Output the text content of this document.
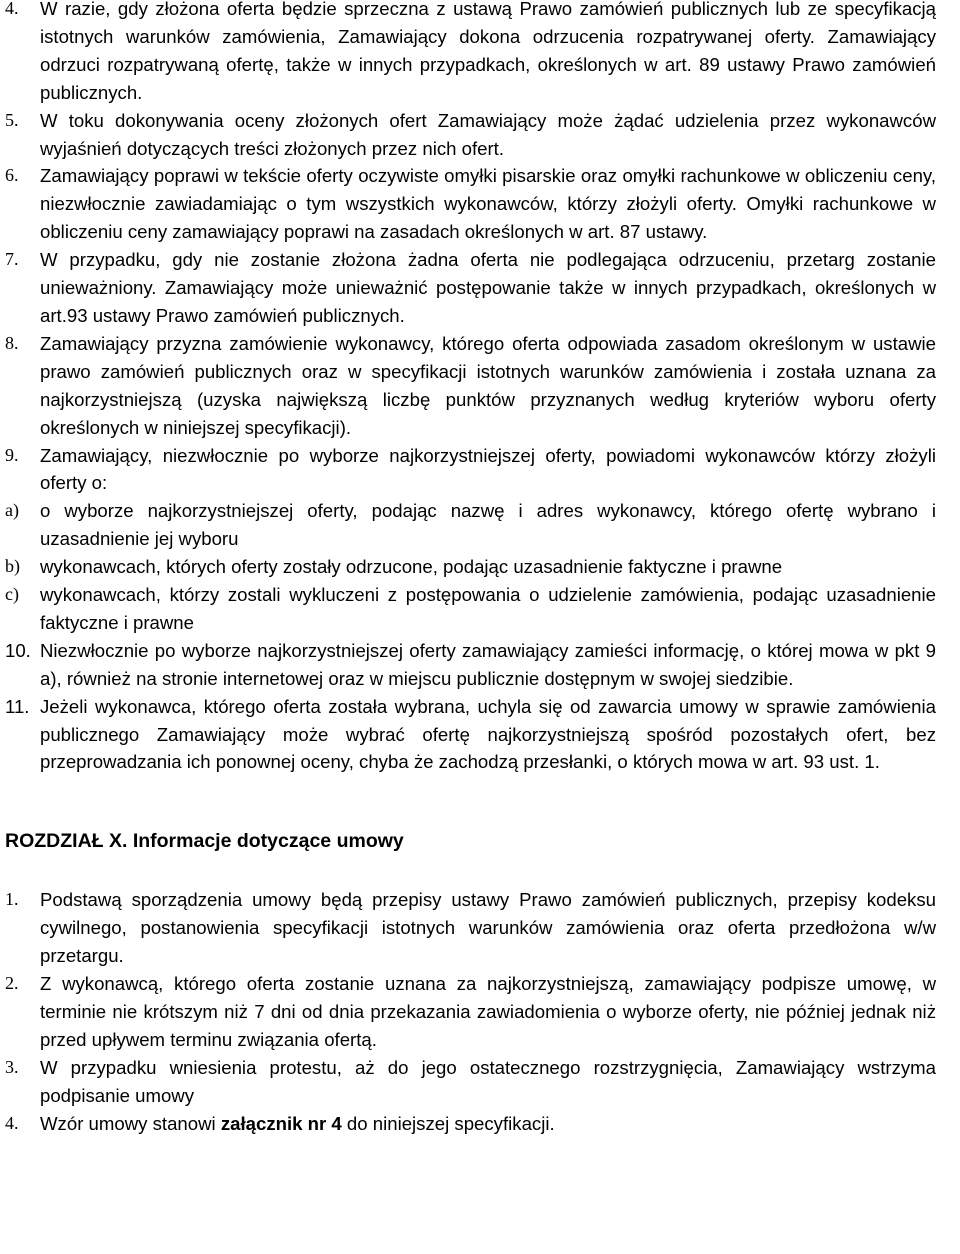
4. W razie, gdy złożona oferta będzie sprzeczna z ustawą Prawo zamówień publicznych lub ze specyfikacją istotnych warunków zamówienia, Zamawiający dokona odrzucenia rozpatrywanej oferty. Zamawiający odrzuci rozpatrywaną ofertę, także w innych przypadkach, określonych w art. 89 ustawy Prawo zamówień publicznych.
5. W toku dokonywania oceny złożonych ofert Zamawiający może żądać udzielenia przez wykonawców wyjaśnień dotyczących treści złożonych przez nich ofert.
6. Zamawiający poprawi w tekście oferty oczywiste omyłki pisarskie oraz omyłki rachunkowe w obliczeniu ceny, niezwłocznie zawiadamiając o tym wszystkich wykonawców, którzy złożyli oferty. Omyłki rachunkowe w obliczeniu ceny zamawiający poprawi na zasadach określonych w art. 87 ustawy.
7. W przypadku, gdy nie zostanie złożona żadna oferta nie podlegająca odrzuceniu, przetarg zostanie unieważniony. Zamawiający może unieważnić postępowanie także w innych przypadkach, określonych w art.93 ustawy Prawo zamówień publicznych.
8. Zamawiający przyzna zamówienie wykonawcy, którego oferta odpowiada zasadom określonym w ustawie prawo zamówień publicznych oraz w specyfikacji istotnych warunków zamówienia i została uznana za najkorzystniejszą (uzyska największą liczbę punktów przyznanych według kryteriów wyboru oferty określonych w niniejszej specyfikacji).
9. Zamawiający, niezwłocznie po wyborze najkorzystniejszej oferty, powiadomi wykonawców którzy złożyli oferty o:
a) o wyborze najkorzystniejszej oferty, podając nazwę i adres wykonawcy, którego ofertę wybrano i uzasadnienie jej wyboru
b) wykonawcach, których oferty zostały odrzucone, podając uzasadnienie faktyczne i prawne
c) wykonawcach, którzy zostali wykluczeni z postępowania o udzielenie zamówienia, podając uzasadnienie faktyczne i prawne
10. Niezwłocznie po wyborze najkorzystniejszej oferty zamawiający zamieści informację, o której mowa w pkt 9 a), również na stronie internetowej oraz w miejscu publicznie dostępnym w swojej siedzibie.
11. Jeżeli wykonawca, którego oferta została wybrana, uchyla się od zawarcia umowy w sprawie zamówienia publicznego Zamawiający może wybrać ofertę najkorzystniejszą spośród pozostałych ofert, bez przeprowadzania ich ponownej oceny, chyba że zachodzą przesłanki, o których mowa w art. 93 ust. 1.
ROZDZIAŁ X. Informacje dotyczące umowy
1. Podstawą sporządzenia umowy będą przepisy ustawy Prawo zamówień publicznych, przepisy kodeksu cywilnego, postanowienia specyfikacji istotnych warunków zamówienia oraz oferta przedłożona w/w przetargu.
2. Z wykonawcą, którego oferta zostanie uznana za najkorzystniejszą, zamawiający podpisze umowę, w terminie nie krótszym niż 7 dni od dnia przekazania zawiadomienia o wyborze oferty, nie później jednak niż przed upływem terminu związania ofertą.
3. W przypadku wniesienia protestu, aż do jego ostatecznego rozstrzygnięcia, Zamawiający wstrzyma podpisanie umowy
4. Wzór umowy stanowi załącznik nr 4 do niniejszej specyfikacji.
